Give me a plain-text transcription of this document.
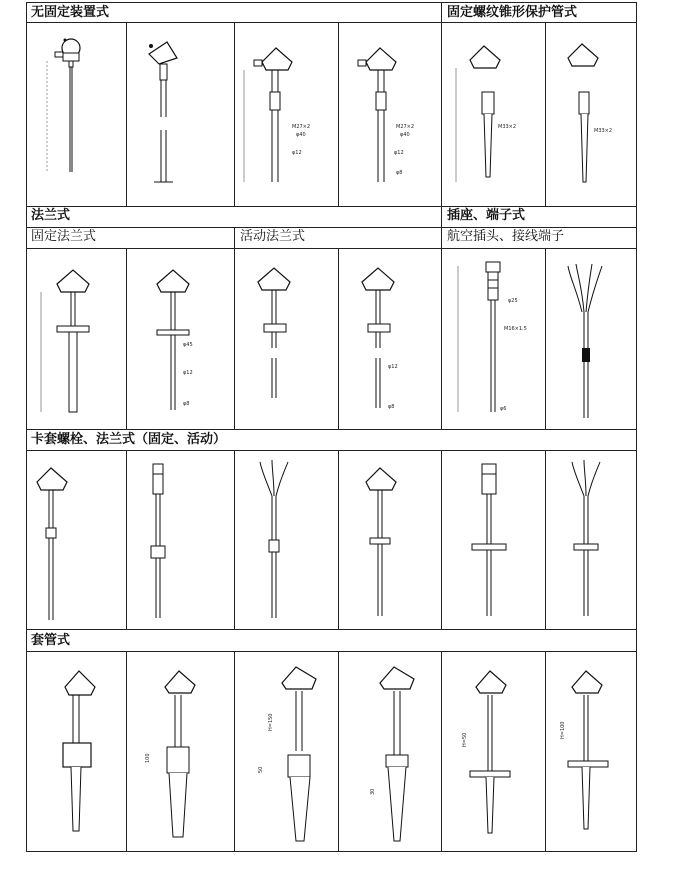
无固定装置式	固定螺纹锥形保护管式
法兰式	插座、端子式
固定法兰式	活动法兰式	航空插头、接线端子
卡套螺栓、法兰式（固定、活动）
套管式
M27×2
φ40
φ12
M27×2
φ40
φ12
φ8
M33×2
M33×2
φ45
φ12
φ8
φ12
φ8
φ25
M16×1.5
φ6
100
H=150
50
30
H=50
H=100
